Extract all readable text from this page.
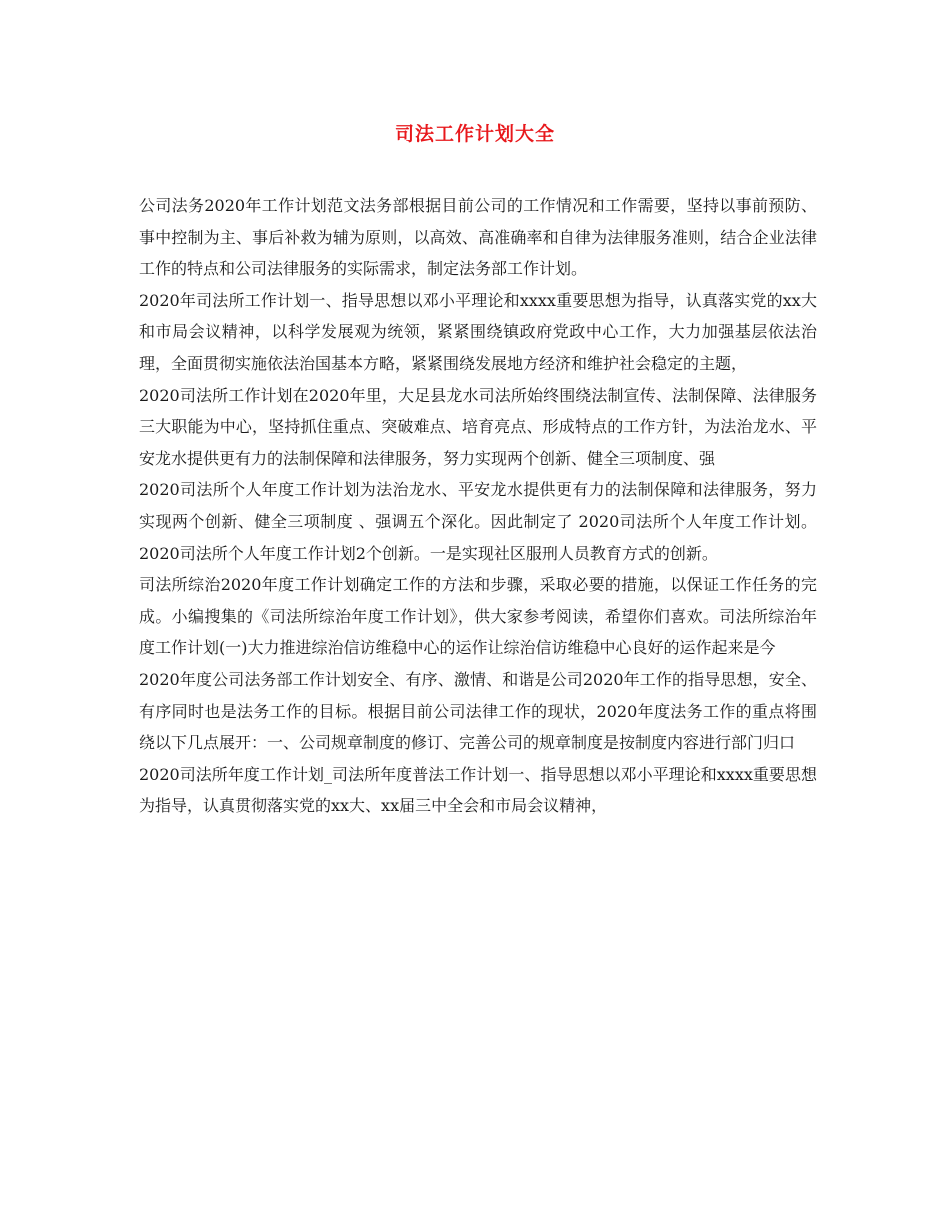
司法工作计划大全

公司法务2020年工作计划范文法务部根据目前公司的工作情况和工作需要，坚持以事前预防、事中控制为主、事后补救为辅为原则，以高效、高准确率和自律为法律服务准则，结合企业法律工作的特点和公司法律服务的实际需求，制定法务部工作计划。

2020年司法所工作计划一、指导思想以邓小平理论和xxxx重要思想为指导，认真落实党的xx大和市局会议精神，以科学发展观为统领，紧紧围绕镇政府党政中心工作，大力加强基层依法治理，全面贯彻实施依法治国基本方略，紧紧围绕发展地方经济和维护社会稳定的主题，

2020司法所工作计划在2020年里，大足县龙水司法所始终围绕法制宣传、法制保障、法律服务三大职能为中心，坚持抓住重点、突破难点、培育亮点、形成特点的工作方针，为法治龙水、平安龙水提供更有力的法制保障和法律服务，努力实现两个创新、健全三项制度、强

2020司法所个人年度工作计划为法治龙水、平安龙水提供更有力的法制保障和法律服务，努力实现两个创新、健全三项制度 、强调五个深化。因此制定了 2020司法所个人年度工作计划。2020司法所个人年度工作计划2个创新。一是实现社区服刑人员教育方式的创新。

司法所综治2020年度工作计划确定工作的方法和步骤，采取必要的措施，以保证工作任务的完成。小编搜集的《司法所综治年度工作计划》，供大家参考阅读，希望你们喜欢。司法所综治年度工作计划(一)大力推进综治信访维稳中心的运作让综治信访维稳中心良好的运作起来是今

2020年度公司法务部工作计划安全、有序、激情、和谐是公司2020年工作的指导思想，安全、有序同时也是法务工作的目标。根据目前公司法律工作的现状，2020年度法务工作的重点将围绕以下几点展开：一、公司规章制度的修订、完善公司的规章制度是按制度内容进行部门归口

2020司法所年度工作计划_司法所年度普法工作计划一、指导思想以邓小平理论和xxxx重要思想为指导，认真贯彻落实党的xx大、xx届三中全会和市局会议精神，
